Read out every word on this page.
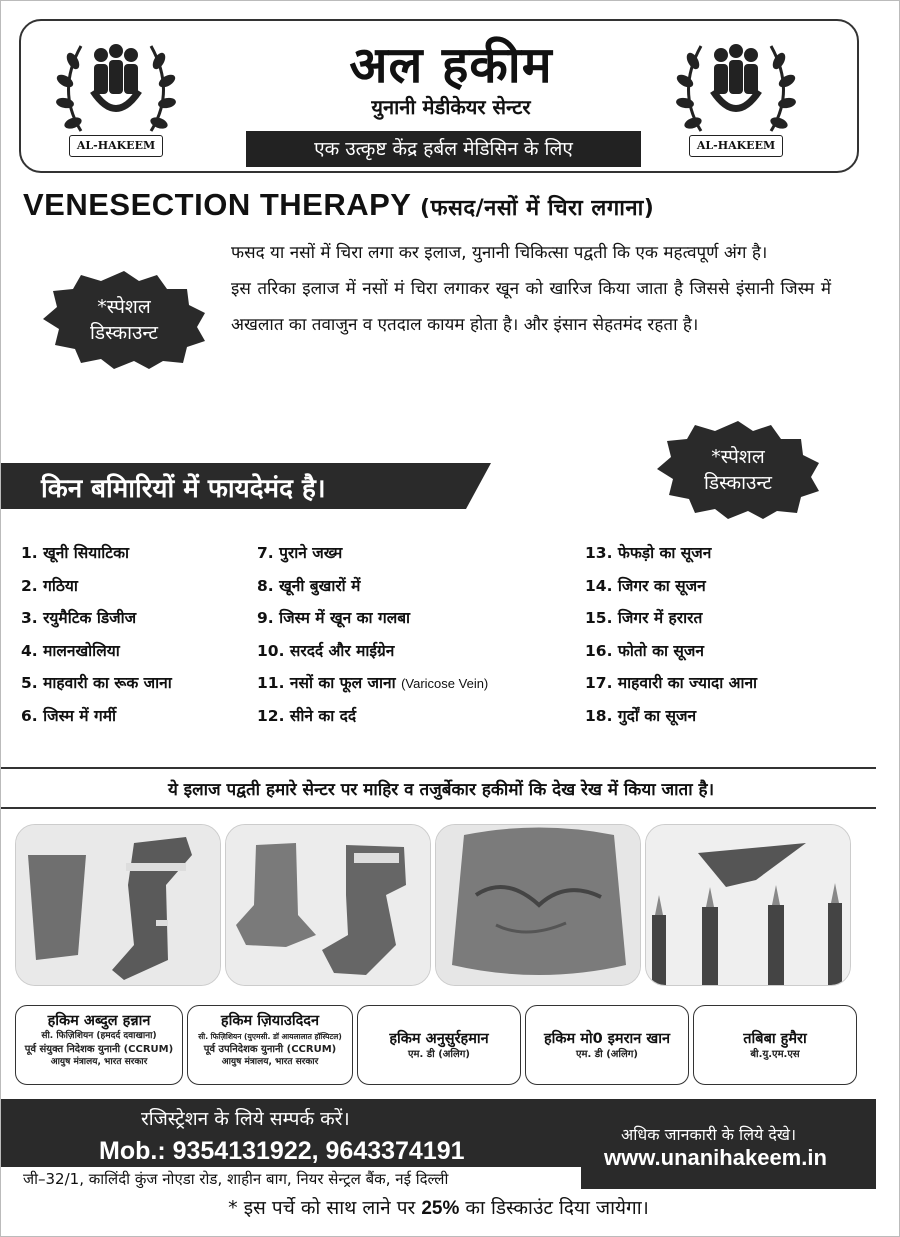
AL-HAKEEM	AL-HAKEEM
अल हकीम
युनानी मेडीकेयर सेन्टर
एक उत्कृष्ट केंद्र हर्बल मेडिसिन के लिए
VENESECTION THERAPY (फसद/नसों में चिरा लगाना)
*स्पेशल
डिस्काउन्ट
फसद या नसों में चिरा लगा कर इलाज, युनानी चिकित्सा पद्वती कि एक महत्वपूर्ण अंग है।
इस तरिका इलाज में नसों मं चिरा लगाकर खून को खारिज किया जाता है जिससे इंसानी जिस्म में अखलात का तवाजुन व एतदाल कायम होता है। और इंसान सेहतमंद रहता है।
*स्पेशल
डिस्काउन्ट
किन बमिारियों में फायदेमंद है।
1. खूनी सियाटिका
2. गठिया
3. रयुमैटिक डिजीज
4. मालनखोलिया
5. माहवारी का रूक जाना
6. जिस्म में गर्मी
7. पुराने जख्म
8. खूनी बुखारों में
9. जिस्म में खून का गलबा
10. सरदर्द और माईग्रेन
11. नसों का फूल जाना (Varicose Vein)
12. सीने का दर्द
13. फेफड़ो का सूजन
14. जिगर का सूजन
15. जिगर में हरारत
16. फोतो का सूजन
17. माहवारी का ज्यादा आना
18. गुर्दों का सूजन
ये इलाज पद्वती हमारे सेन्टर पर माहिर व तजुर्बेकार हकीमों कि देख रेख में किया जाता है।
हकिम अब्दुल हन्नान
सी. फिज़िशियन (हमदर्द दवाखाना)
पूर्व संयुक्त निदेशक युनानी (CCRUM)
आयुष मंत्रालय, भारत सरकार
हकिम ज़ियाउदिदन
सी. फिज़िशियन (युएमसी. डॉ आयलालात हॉस्पिटल)
पूर्व उपनिदेशक युनानी (CCRUM)
आयुष मंत्रालय, भारत सरकार
हकिम अनुसुर्रहमान
एम. डी (अलिग)
हकिम मो0 इमरान खान
एम. डी (अलिग)
तबिबा हुमैरा
बी.यु.एम.एस
रजिस्ट्रेशन के लिये सम्पर्क करें।
Mob.: 9354131922, 9643374191
अधिक जानकारी के लिये देखे।
www.unanihakeem.in
जी–32/1, कालिंदी कुंज नोएडा रोड, शाहीन बाग, नियर सेन्ट्रल बैंक, नई दिल्ली
* इस पर्चे को साथ लाने पर 25% का डिस्काउंट दिया जायेगा।
